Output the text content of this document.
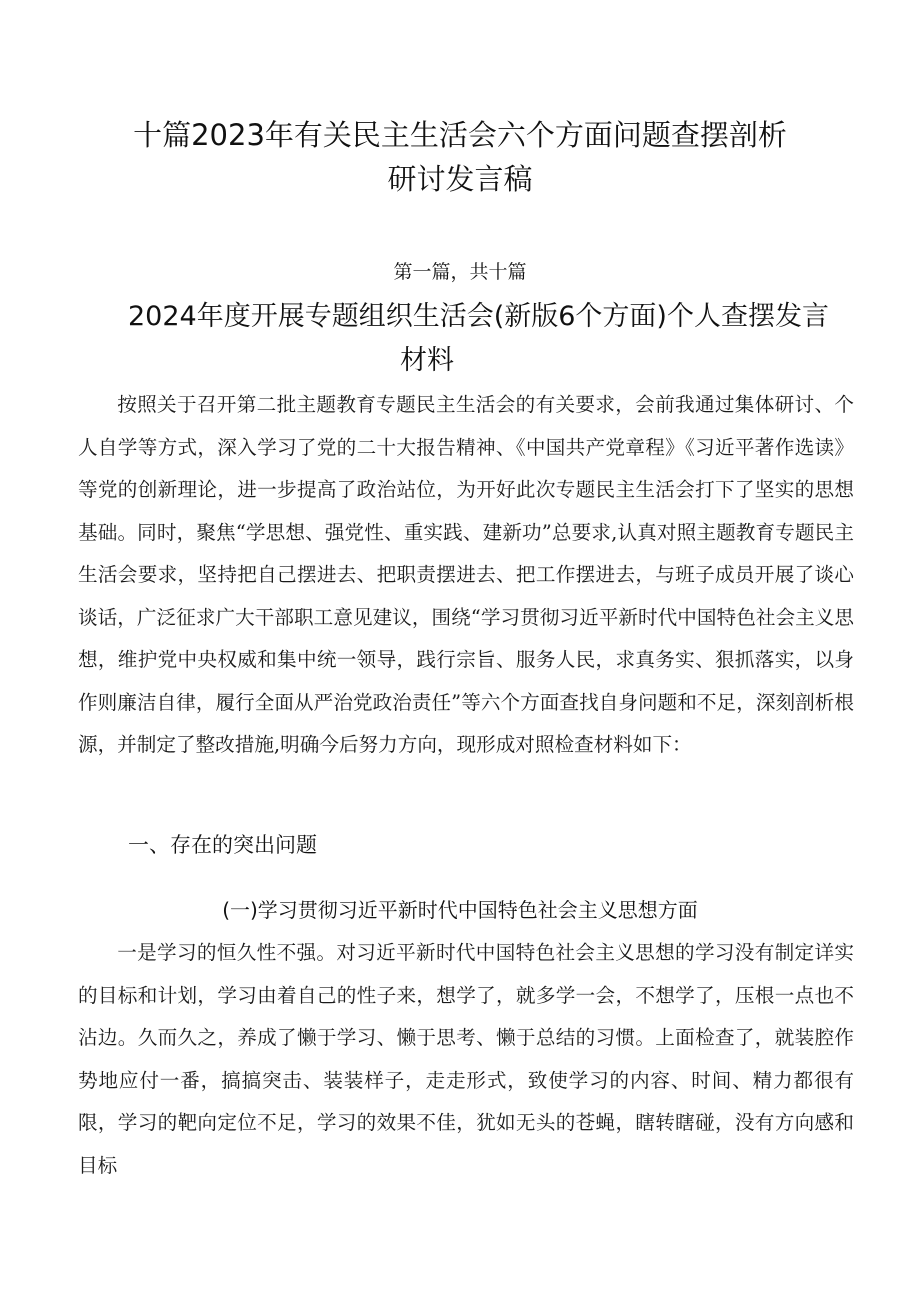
十篇2023年有关民主生活会六个方面问题查摆剖析
研讨发言稿
第一篇，共十篇
2024年度开展专题组织生活会(新版6个方面)个人查摆发言
材料

按照关于召开第二批主题教育专题民主生活会的有关要求，会前我通过集体研讨、个人自学等方式，深入学习了党的二十大报告精神、《中国共产党章程》《习近平著作选读》等党的创新理论，进一步提高了政治站位，为开好此次专题民主生活会打下了坚实的思想基础。同时，聚焦“学思想、强党性、重实践、建新功”总要求,认真对照主题教育专题民主生活会要求，坚持把自己摆进去、把职责摆进去、把工作摆进去，与班子成员开展了谈心谈话，广泛征求广大干部职工意见建议，围绕“学习贯彻习近平新时代中国特色社会主义思想，维护党中央权威和集中统一领导，践行宗旨、服务人民，求真务实、狠抓落实，以身作则廉洁自律，履行全面从严治党政治责任”等六个方面查找自身问题和不足，深刻剖析根源，并制定了整改措施,明确今后努力方向，现形成对照检查材料如下：

一、存在的突出问题
(一)学习贯彻习近平新时代中国特色社会主义思想方面

一是学习的恒久性不强。对习近平新时代中国特色社会主义思想的学习没有制定详实的目标和计划，学习由着自己的性子来，想学了，就多学一会，不想学了，压根一点也不沾边。久而久之，养成了懒于学习、懒于思考、懒于总结的习惯。上面检查了，就装腔作势地应付一番，搞搞突击、装装样子，走走形式，致使学习的内容、时间、精力都很有限，学习的靶向定位不足，学习的效果不佳，犹如无头的苍蝇，瞎转瞎碰，没有方向感和目标
